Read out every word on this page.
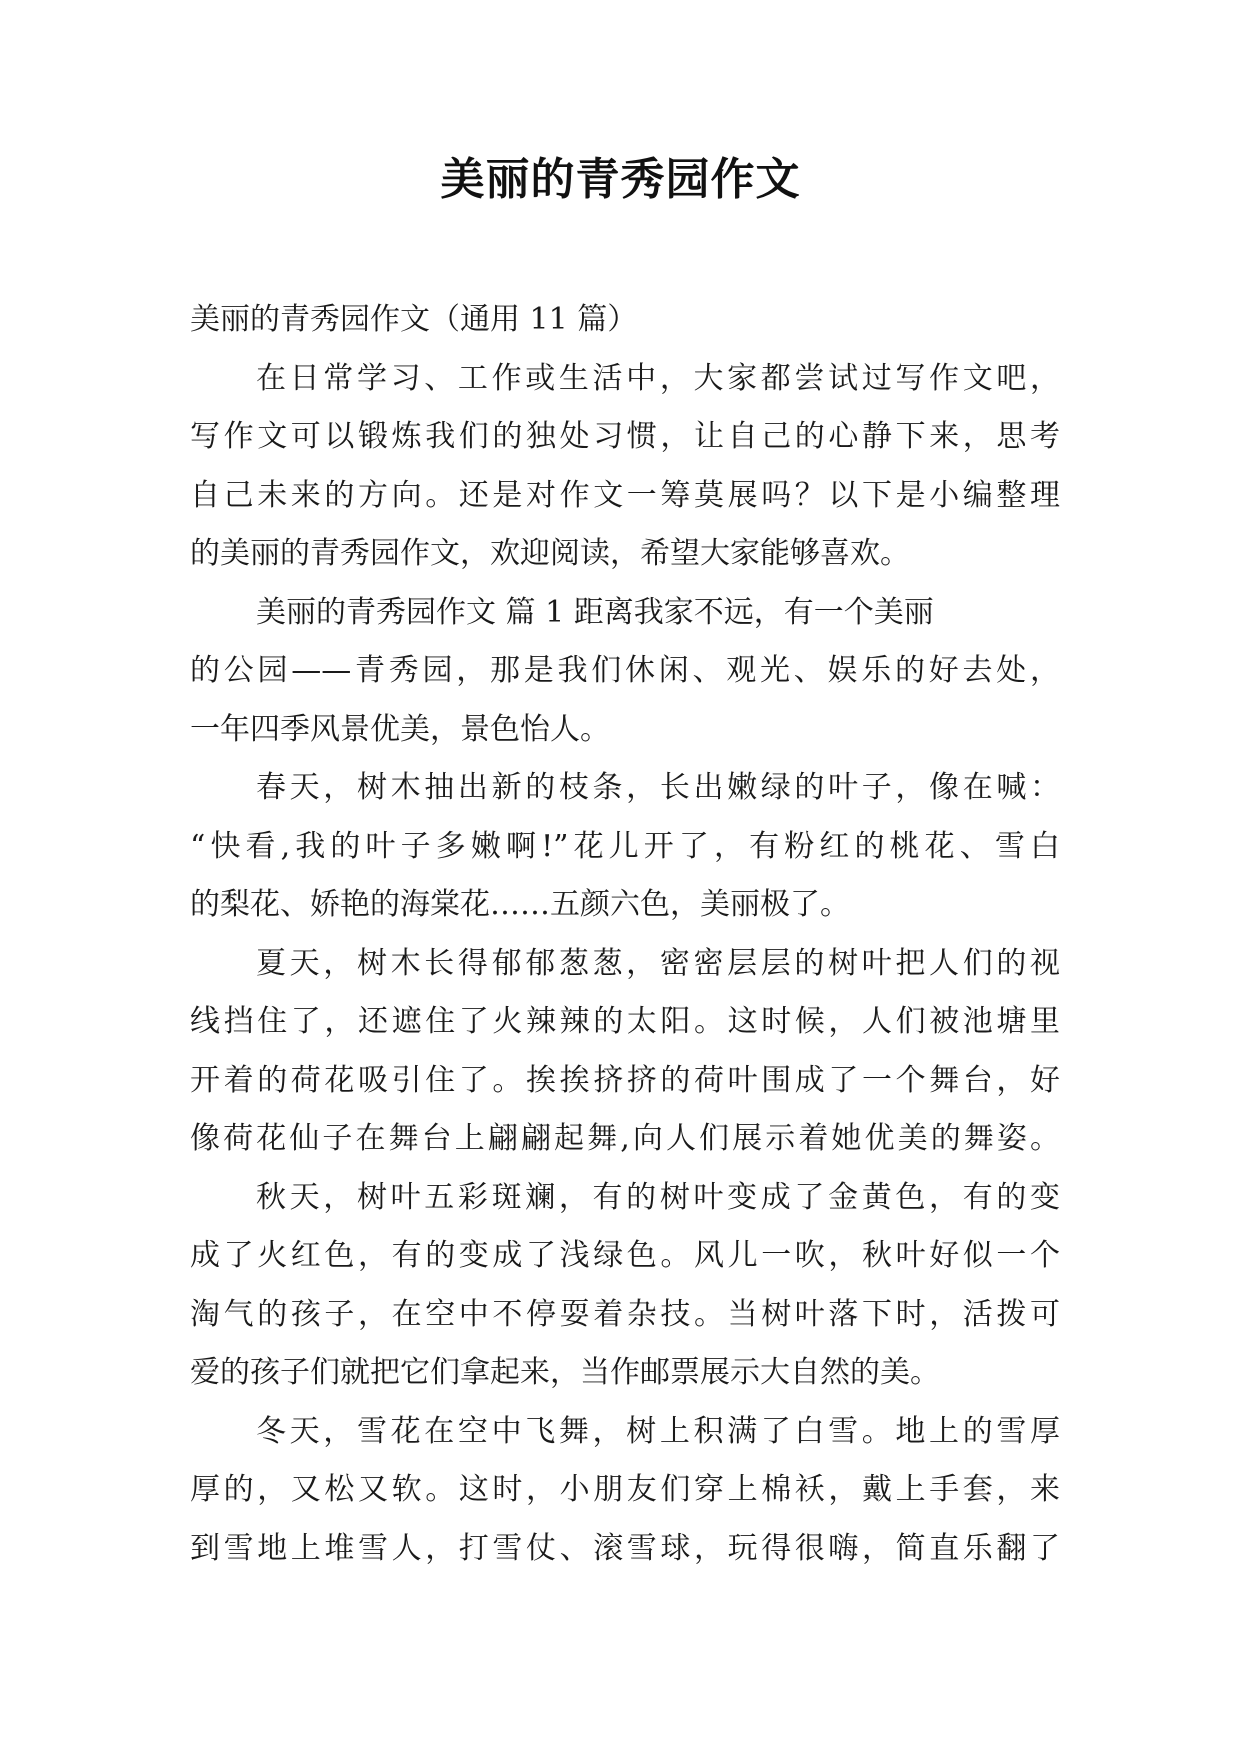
美丽的青秀园作文
美丽的青秀园作文（通用 11 篇）
在日常学习、工作或生活中，大家都尝试过写作文吧，
写作文可以锻炼我们的独处习惯，让自己的心静下来，思考
自己未来的方向。还是对作文一筹莫展吗？以下是小编整理
的美丽的青秀园作文，欢迎阅读，希望大家能够喜欢。
美丽的青秀园作文 篇 1 距离我家不远，有一个美丽
的公园——青秀园，那是我们休闲、观光、娱乐的好去处，
一年四季风景优美，景色怡人。
春天，树木抽出新的枝条，长出嫩绿的叶子，像在喊：
“快看,我的叶子多嫩啊!”花儿开了，有粉红的桃花、雪白
的梨花、娇艳的海棠花……五颜六色，美丽极了。
夏天，树木长得郁郁葱葱，密密层层的树叶把人们的视
线挡住了，还遮住了火辣辣的太阳。这时候，人们被池塘里
开着的荷花吸引住了。挨挨挤挤的荷叶围成了一个舞台，好
像荷花仙子在舞台上翩翩起舞,向人们展示着她优美的舞姿。
秋天，树叶五彩斑斓，有的树叶变成了金黄色，有的变
成了火红色，有的变成了浅绿色。风儿一吹，秋叶好似一个
淘气的孩子，在空中不停耍着杂技。当树叶落下时，活拨可
爱的孩子们就把它们拿起来，当作邮票展示大自然的美。
冬天，雪花在空中飞舞，树上积满了白雪。地上的雪厚
厚的，又松又软。这时，小朋友们穿上棉袄，戴上手套，来
到雪地上堆雪人，打雪仗、滚雪球，玩得很嗨，简直乐翻了
